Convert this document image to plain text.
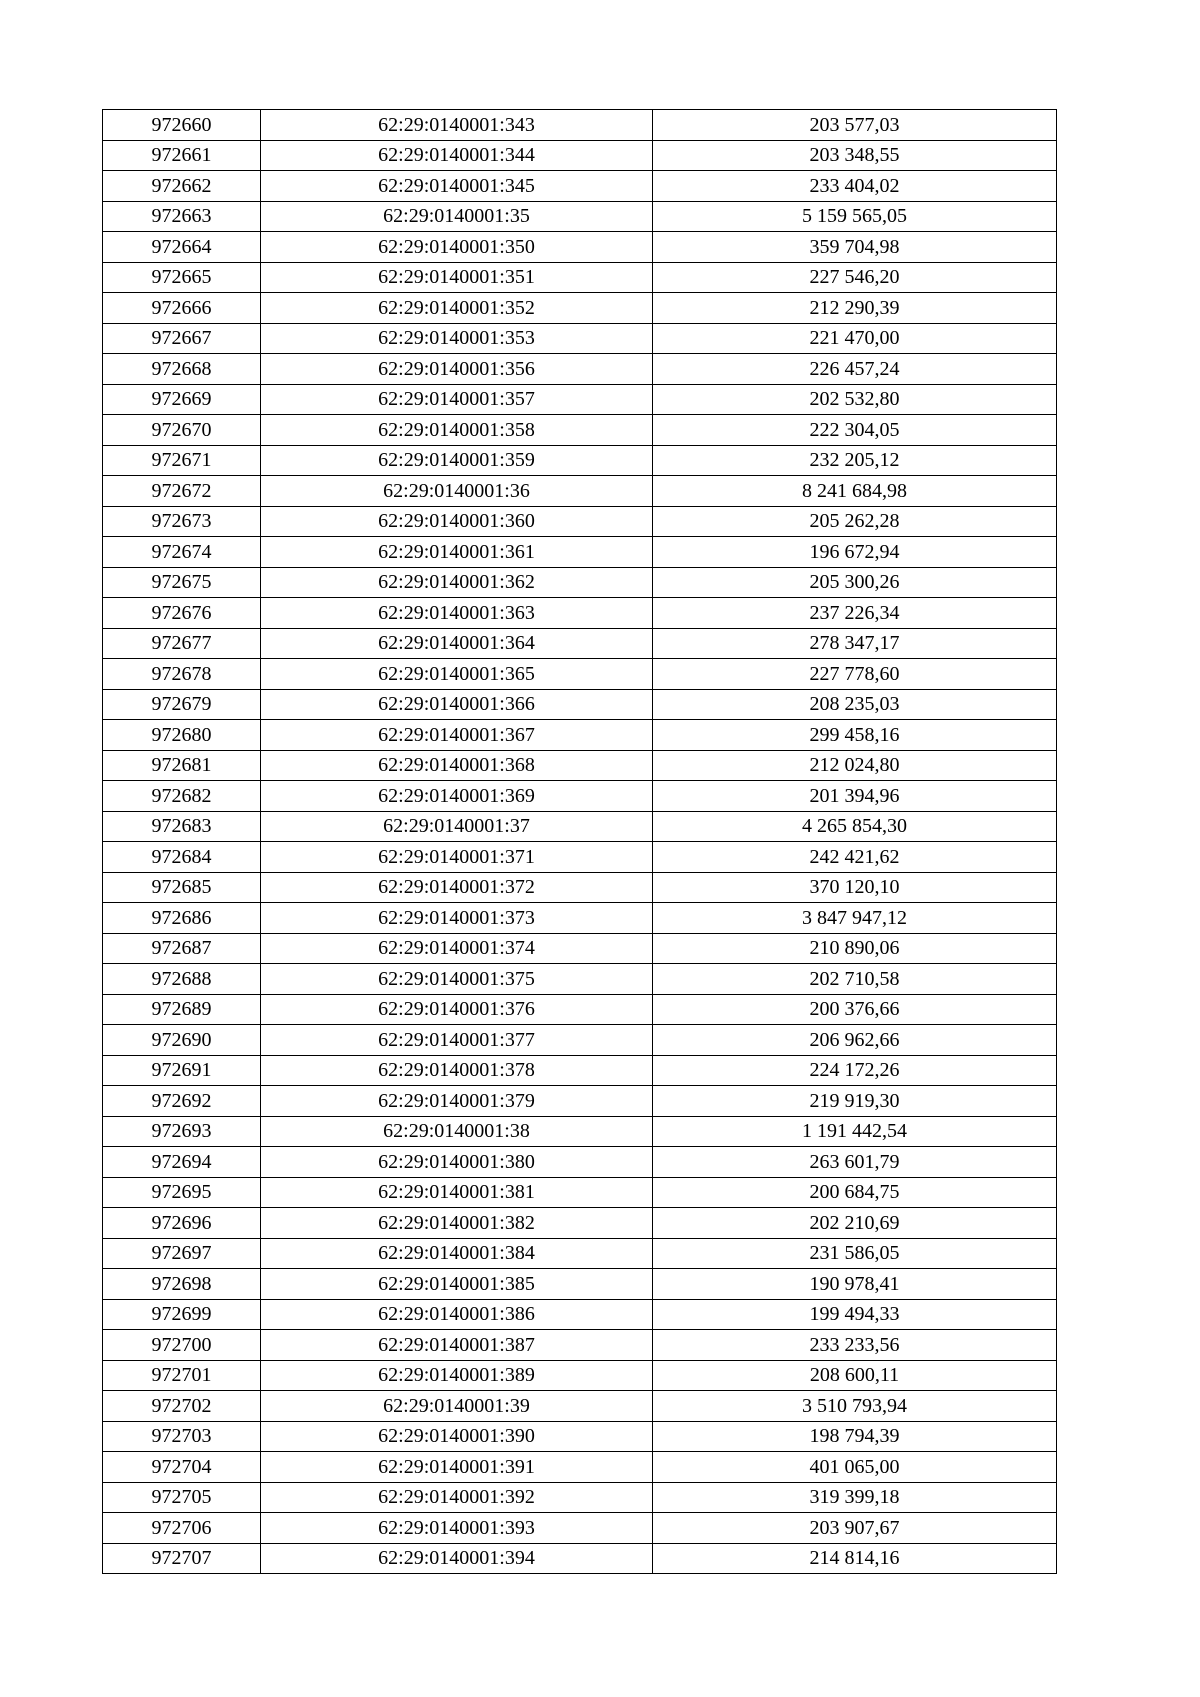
972660	62:29:0140001:343	203 577,03
972661	62:29:0140001:344	203 348,55
972662	62:29:0140001:345	233 404,02
972663	62:29:0140001:35	5 159 565,05
972664	62:29:0140001:350	359 704,98
972665	62:29:0140001:351	227 546,20
972666	62:29:0140001:352	212 290,39
972667	62:29:0140001:353	221 470,00
972668	62:29:0140001:356	226 457,24
972669	62:29:0140001:357	202 532,80
972670	62:29:0140001:358	222 304,05
972671	62:29:0140001:359	232 205,12
972672	62:29:0140001:36	8 241 684,98
972673	62:29:0140001:360	205 262,28
972674	62:29:0140001:361	196 672,94
972675	62:29:0140001:362	205 300,26
972676	62:29:0140001:363	237 226,34
972677	62:29:0140001:364	278 347,17
972678	62:29:0140001:365	227 778,60
972679	62:29:0140001:366	208 235,03
972680	62:29:0140001:367	299 458,16
972681	62:29:0140001:368	212 024,80
972682	62:29:0140001:369	201 394,96
972683	62:29:0140001:37	4 265 854,30
972684	62:29:0140001:371	242 421,62
972685	62:29:0140001:372	370 120,10
972686	62:29:0140001:373	3 847 947,12
972687	62:29:0140001:374	210 890,06
972688	62:29:0140001:375	202 710,58
972689	62:29:0140001:376	200 376,66
972690	62:29:0140001:377	206 962,66
972691	62:29:0140001:378	224 172,26
972692	62:29:0140001:379	219 919,30
972693	62:29:0140001:38	1 191 442,54
972694	62:29:0140001:380	263 601,79
972695	62:29:0140001:381	200 684,75
972696	62:29:0140001:382	202 210,69
972697	62:29:0140001:384	231 586,05
972698	62:29:0140001:385	190 978,41
972699	62:29:0140001:386	199 494,33
972700	62:29:0140001:387	233 233,56
972701	62:29:0140001:389	208 600,11
972702	62:29:0140001:39	3 510 793,94
972703	62:29:0140001:390	198 794,39
972704	62:29:0140001:391	401 065,00
972705	62:29:0140001:392	319 399,18
972706	62:29:0140001:393	203 907,67
972707	62:29:0140001:394	214 814,16
